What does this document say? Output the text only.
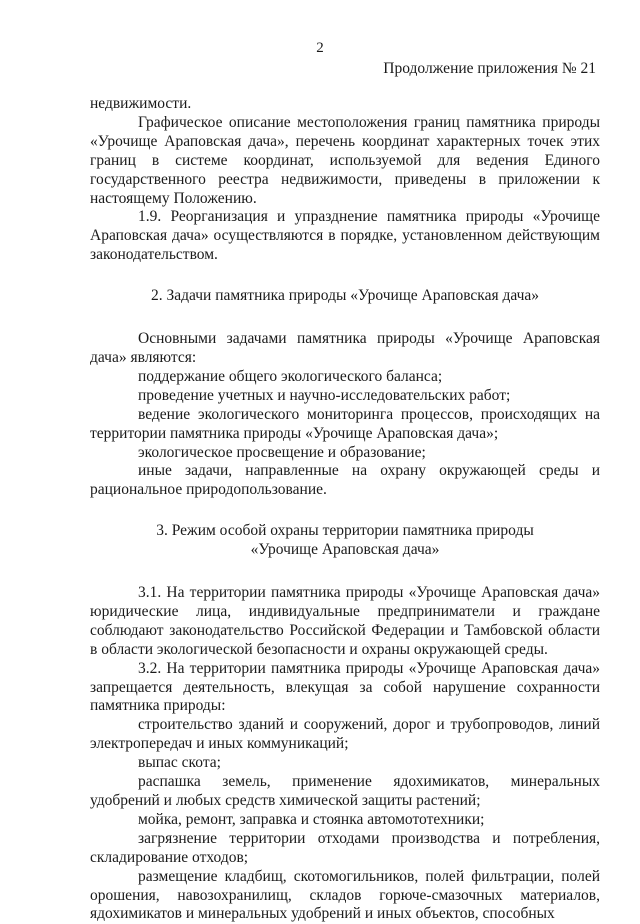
2
Продолжение приложения № 21

недвижимости.

Графическое описание местоположения границ памятника природы «Урочище Араповская дача», перечень координат характерных точек этих границ в системе координат, используемой для ведения Единого государственного реестра недвижимости, приведены в приложении к настоящему Положению.

1.9. Реорганизация и упразднение памятника природы «Урочище Араповская дача» осуществляются в порядке, установленном действующим законодательством.

2. Задачи памятника природы «Урочище Араповская дача»

Основными задачами памятника природы «Урочище Араповская дача» являются:

поддержание общего экологического баланса;

проведение учетных и научно-исследовательских работ;

ведение экологического мониторинга процессов, происходящих на территории памятника природы «Урочище Араповская дача»;

экологическое просвещение и образование;

иные задачи, направленные на охрану окружающей среды и рациональное природопользование.

3. Режим особой охраны территории памятника природы
«Урочище Араповская дача»

3.1. На территории памятника природы «Урочище Араповская дача» юридические лица, индивидуальные предприниматели и граждане соблюдают законодательство Российской Федерации и Тамбовской области в области экологической безопасности и охраны окружающей среды.

3.2. На территории памятника природы «Урочище Араповская дача» запрещается деятельность, влекущая за собой нарушение сохранности памятника природы:

строительство зданий и сооружений, дорог и трубопроводов, линий электропередач и иных коммуникаций;

выпас скота;

распашка земель, применение ядохимикатов, минеральных удобрений и любых средств химической защиты растений;

мойка, ремонт, заправка и стоянка автомототехники;

загрязнение территории отходами производства и потребления, складирование отходов;

размещение кладбищ, скотомогильников, полей фильтрации, полей орошения, навозохранилищ, складов горюче-смазочных материалов, ядохимикатов и минеральных удобрений и иных объектов, способных
